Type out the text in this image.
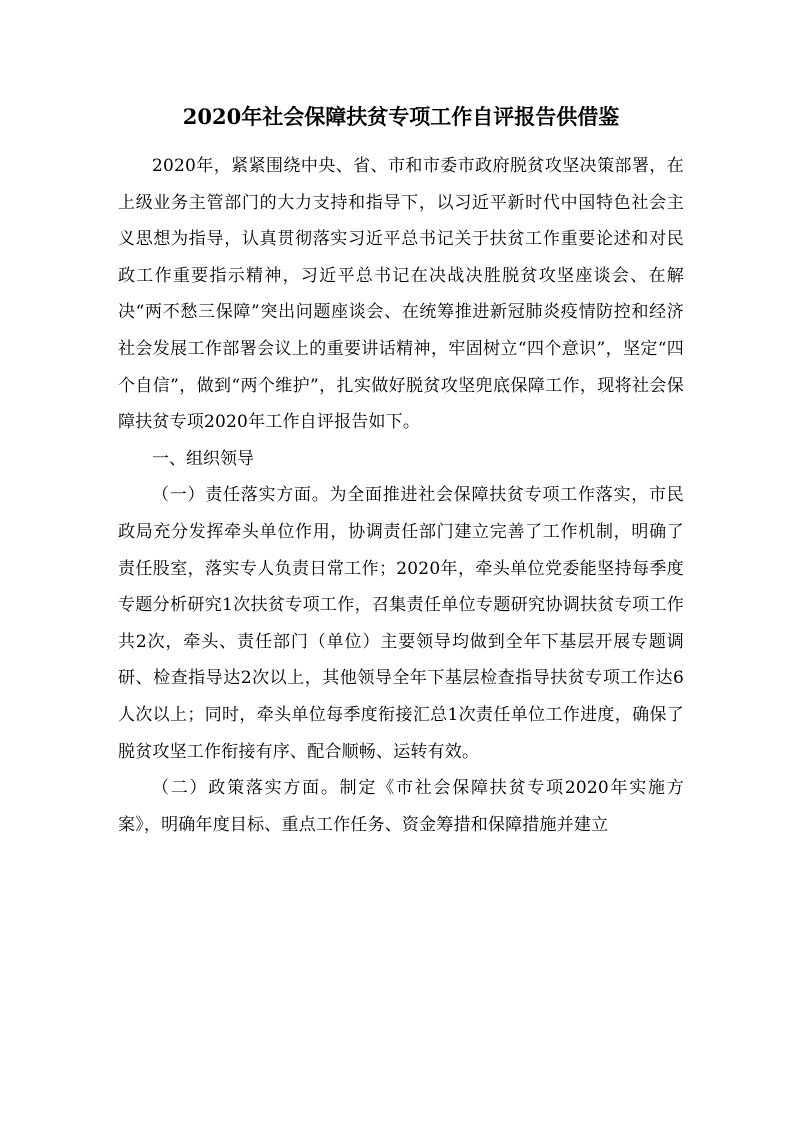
2020年社会保障扶贫专项工作自评报告供借鉴

2020年，紧紧围绕中央、省、市和市委市政府脱贫攻坚决策部署，在上级业务主管部门的大力支持和指导下，以习近平新时代中国特色社会主义思想为指导，认真贯彻落实习近平总书记关于扶贫工作重要论述和对民政工作重要指示精神，习近平总书记在决战决胜脱贫攻坚座谈会、在解决“两不愁三保障”突出问题座谈会、在统筹推进新冠肺炎疫情防控和经济社会发展工作部署会议上的重要讲话精神，牢固树立“四个意识”，坚定“四个自信”，做到“两个维护”，扎实做好脱贫攻坚兜底保障工作，现将社会保障扶贫专项2020年工作自评报告如下。

一、组织领导

（一）责任落实方面。为全面推进社会保障扶贫专项工作落实，市民政局充分发挥牵头单位作用，协调责任部门建立完善了工作机制，明确了责任股室，落实专人负责日常工作；2020年，牵头单位党委能坚持每季度专题分析研究1次扶贫专项工作，召集责任单位专题研究协调扶贫专项工作共2次，牵头、责任部门（单位）主要领导均做到全年下基层开展专题调研、检查指导达2次以上，其他领导全年下基层检查指导扶贫专项工作达6人次以上；同时，牵头单位每季度衔接汇总1次责任单位工作进度，确保了脱贫攻坚工作衔接有序、配合顺畅、运转有效。

（二）政策落实方面。制定《市社会保障扶贫专项2020年实施方案》，明确年度目标、重点工作任务、资金筹措和保障措施并建立
